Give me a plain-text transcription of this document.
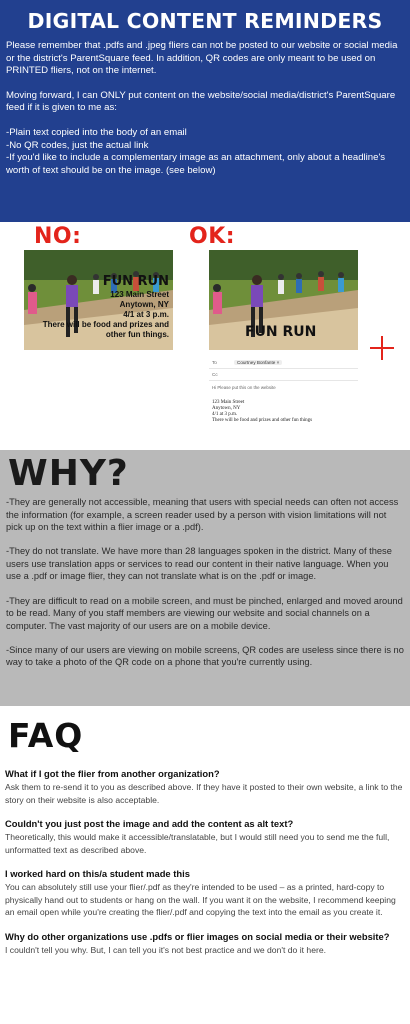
DIGITAL CONTENT REMINDERS

Please remember that .pdfs and .jpeg fliers can not be posted to our website or social media or the district's ParentSquare feed. In addition, QR codes are only meant to be used on PRINTED fliers, not on the internet.

Moving forward, I can ONLY put content on the website/social media/district's ParentSquare feed if it is given to me as:

-Plain text copied into the body of an email

-No QR codes, just the actual link

-If you'd like to include a complementary image as an attachment, only about a headline's worth of text should be on the image. (see below)

NO:	OK:
FUN RUN
123 Main Street
Anytown, NY
4/1 at 3 p.m.
There will be food and prizes and
other fun things.	FUN RUN
To	Courtney Bonfante ×
Cc
Hi Please put this on the website
123 Main Street
Anytown, NY
4/1 at 3 p.m.
There will be food and prizes and other fun things
WHY?

-They are generally not accessible, meaning that users with special needs can often not access the information (for example, a screen reader used by a person with vision limitations will not pick up on the text within a flier image or a .pdf).

-They do not translate. We have more than 28 languages spoken in the district. Many of these users use translation apps or services to read our content in their native language. When you use a .pdf or image flier, they can not translate what is on the .pdf or image.

-They are difficult to read on a mobile screen, and must be pinched, enlarged and moved around to be read. Many of you staff members are viewing our website and social channels on a computer. The vast majority of our users are on a mobile device.

-Since many of our users are viewing on mobile screens, QR codes are useless since there is no way to take a photo of the QR code on a phone that you're currently using.

FAQ
What if I got the flier from another organization?
Ask them to re-send it to you as described above. If they have it posted to their own website, a link to the story on their website is also acceptable.
Couldn't you just post the image and add the content as alt text?
Theoretically, this would make it accessible/translatable, but I would still need you to send me the full, unformatted text as described above.
I worked hard on this/a student made this
You can absolutely still use your flier/.pdf as they're intended to be used – as a printed, hard-copy to physically hand out to students or hang on the wall. If you want it on the website, I recommend keeping an email open while you're creating the flier/.pdf and copying the text into the email as you create it.
Why do other organizations use .pdfs or flier images on social media or their website?
I couldn't tell you why. But, I can tell you it's not best practice and we don't do it here.
